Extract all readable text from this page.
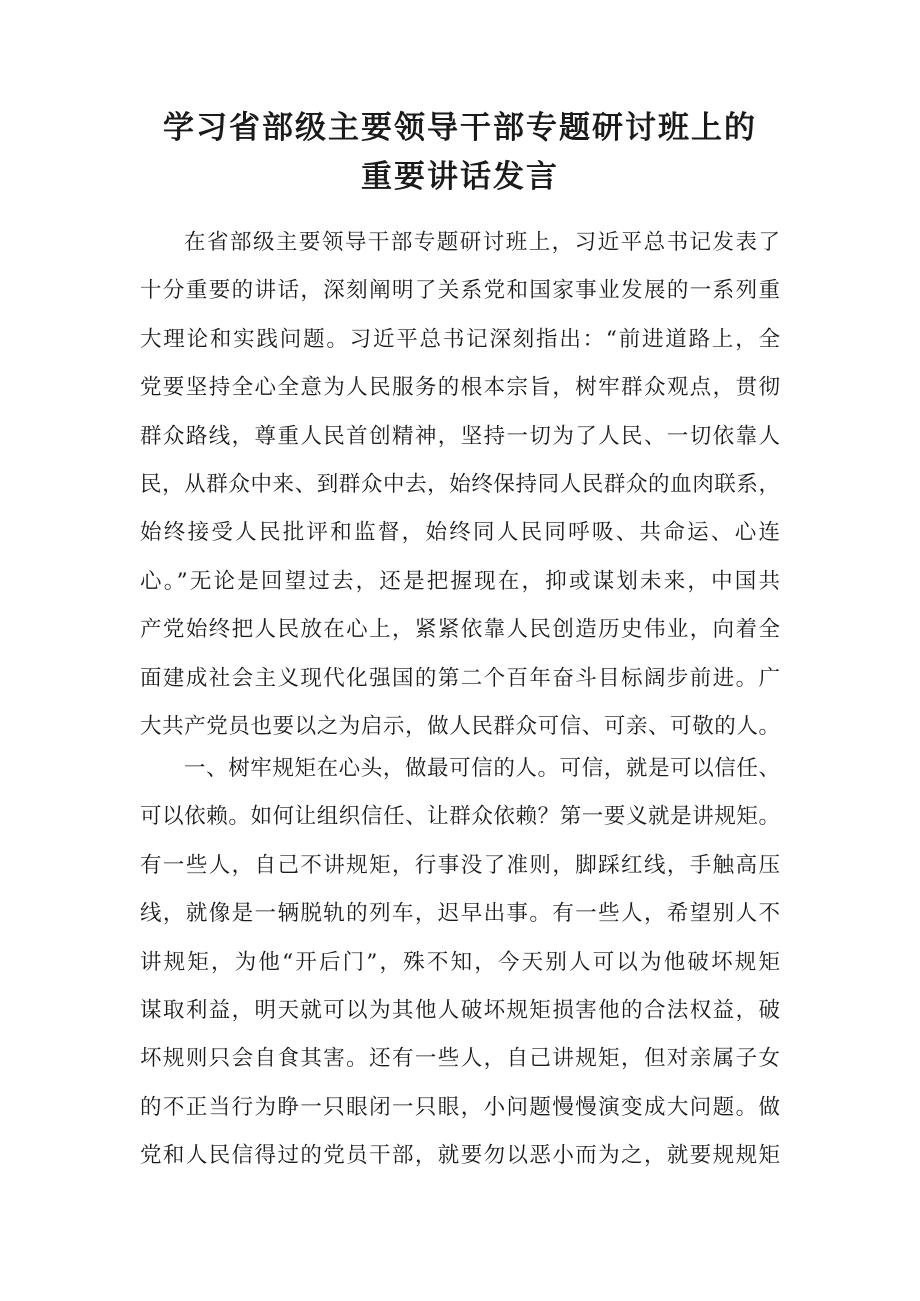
学习省部级主要领导干部专题研讨班上的
重要讲话发言
在省部级主要领导干部专题研讨班上，习近平总书记发表了
十分重要的讲话，深刻阐明了关系党和国家事业发展的一系列重
大理论和实践问题。习近平总书记深刻指出：“前进道路上，全
党要坚持全心全意为人民服务的根本宗旨，树牢群众观点，贯彻
群众路线，尊重人民首创精神，坚持一切为了人民、一切依靠人
民，从群众中来、到群众中去，始终保持同人民群众的血肉联系，
始终接受人民批评和监督，始终同人民同呼吸、共命运、心连
心。”无论是回望过去，还是把握现在，抑或谋划未来，中国共
产党始终把人民放在心上，紧紧依靠人民创造历史伟业，向着全
面建成社会主义现代化强国的第二个百年奋斗目标阔步前进。广
大共产党员也要以之为启示，做人民群众可信、可亲、可敬的人。
一、树牢规矩在心头，做最可信的人。可信，就是可以信任、
可以依赖。如何让组织信任、让群众依赖？第一要义就是讲规矩。
有一些人，自己不讲规矩，行事没了准则，脚踩红线，手触高压
线，就像是一辆脱轨的列车，迟早出事。有一些人，希望别人不
讲规矩，为他“开后门”，殊不知，今天别人可以为他破坏规矩
谋取利益，明天就可以为其他人破坏规矩损害他的合法权益，破
坏规则只会自食其害。还有一些人，自己讲规矩，但对亲属子女
的不正当行为睁一只眼闭一只眼，小问题慢慢演变成大问题。做
党和人民信得过的党员干部，就要勿以恶小而为之，就要规规矩
